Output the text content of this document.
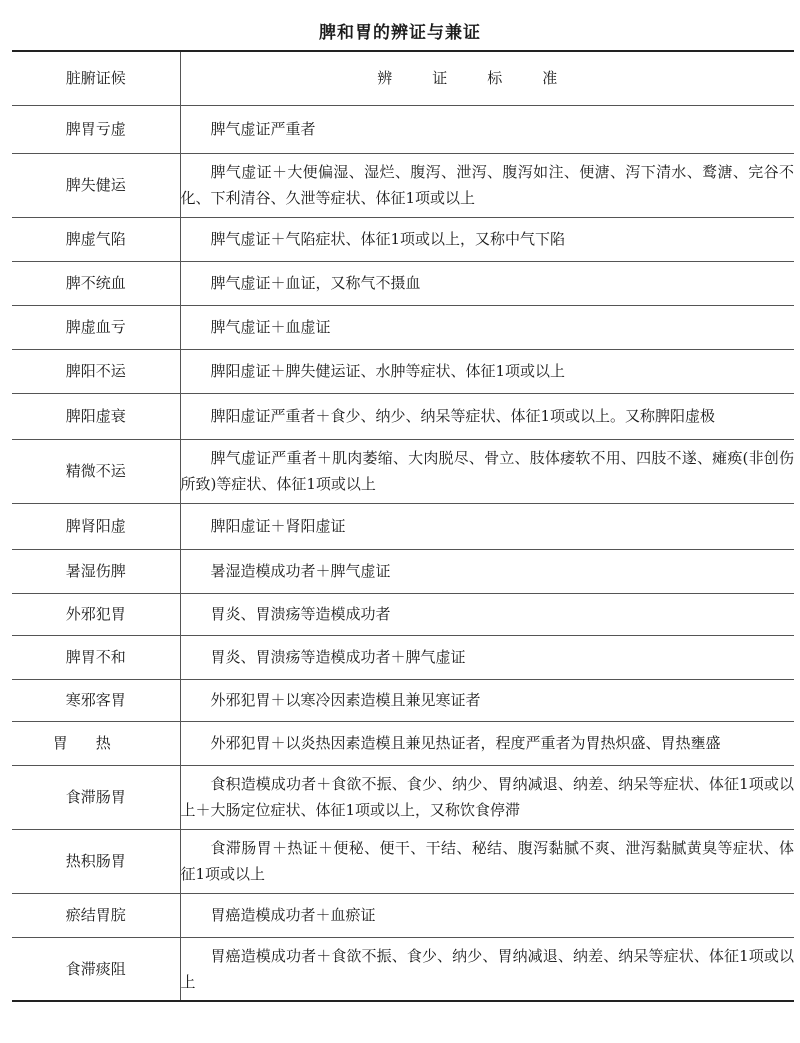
脾和胃的辨证与兼证
脏腑证候	辨证标准
脾胃亏虚	脾气虚证严重者
脾失健运	脾气虚证＋大便偏湿、湿烂、腹泻、泄泻、腹泻如注、便溏、泻下清水、鹜溏、完谷不化、下利清谷、久泄等症状、体征1项或以上
脾虚气陷	脾气虚证＋气陷症状、体征1项或以上，又称中气下陷
脾不统血	脾气虚证＋血证，又称气不摄血
脾虚血亏	脾气虚证＋血虚证
脾阳不运	脾阳虚证＋脾失健运证、水肿等症状、体征1项或以上
脾阳虚衰	脾阳虚证严重者＋食少、纳少、纳呆等症状、体征1项或以上。又称脾阳虚极
精微不运	脾气虚证严重者＋肌肉萎缩、大肉脱尽、骨立、肢体痿软不用、四肢不遂、瘫痪(非创伤所致)等症状、体征1项或以上
脾肾阳虚	脾阳虚证＋肾阳虚证
暑湿伤脾	暑湿造模成功者＋脾气虚证
外邪犯胃	胃炎、胃溃疡等造模成功者
脾胃不和	胃炎、胃溃疡等造模成功者＋脾气虚证
寒邪客胃	外邪犯胃＋以寒冷因素造模且兼见寒证者
胃热	外邪犯胃＋以炎热因素造模且兼见热证者，程度严重者为胃热炽盛、胃热壅盛
食滞肠胃	食积造模成功者＋食欲不振、食少、纳少、胃纳减退、纳差、纳呆等症状、体征1项或以上＋大肠定位症状、体征1项或以上，又称饮食停滞
热积肠胃	食滞肠胃＋热证＋便秘、便干、干结、秘结、腹泻黏腻不爽、泄泻黏腻黄臭等症状、体征1项或以上
瘀结胃脘	胃癌造模成功者＋血瘀证
食滞痰阻	胃癌造模成功者＋食欲不振、食少、纳少、胃纳减退、纳差、纳呆等症状、体征1项或以上
